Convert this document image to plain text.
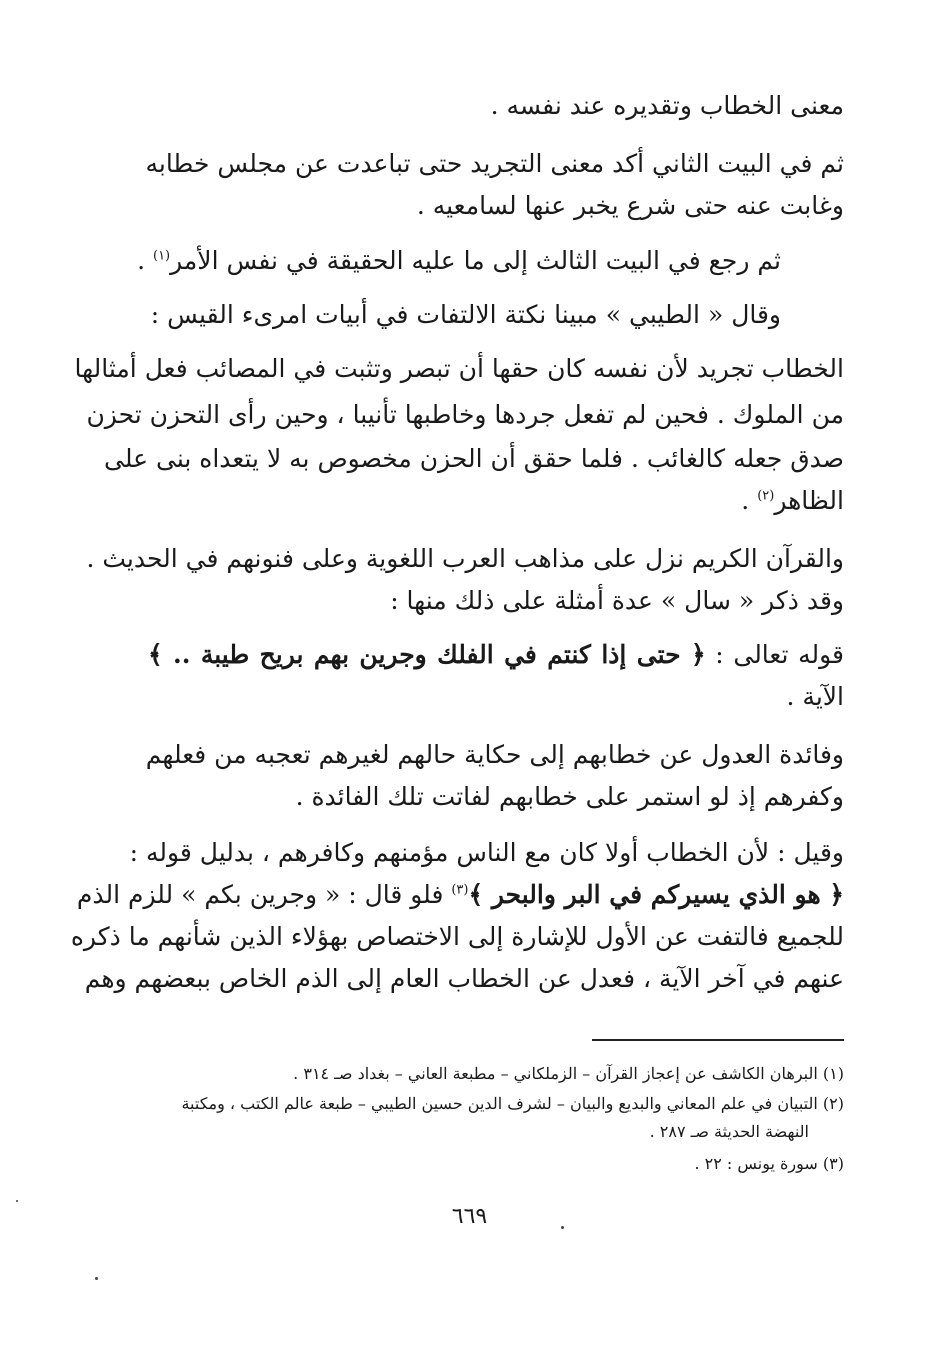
معنى الخطاب وتقديره عند نفسه .
ثم في البيت الثاني أكد معنى التجريد حتى تباعدت عن مجلس خطابه
وغابت عنه حتى شرع يخبر عنها لسامعيه .
ثم رجع في البيت الثالث إلى ما عليه الحقيقة في نفس الأمر$^{(١)}$ .
وقال « الطيبي » مبينا نكتة الالتفات في أبيات امرىء القيس :
الخطاب تجريد لأن نفسه كان حقها أن تبصر وتثبت في المصائب فعل أمثالها
من الملوك . فحين لم تفعل جردها وخاطبها تأنيبا ، وحين رأى التحزن تحزن
صدق جعله كالغائب . فلما حقق أن الحزن مخصوص به لا يتعداه بنى على
الظاهر$^{(٢)}$ .
والقرآن الكريم نزل على مذاهب العرب اللغوية وعلى فنونهم في الحديث .
وقد ذكر « سال » عدة أمثلة على ذلك منها :
قوله تعالى : ﴿ حتى إذا كنتم في الفلك وجرين بهم بريح طيبة .. ﴾
الآية .
وفائدة العدول عن خطابهم إلى حكاية حالهم لغيرهم تعجبه من فعلهم
وكفرهم إذ لو استمر على خطابهم لفاتت تلك الفائدة .
وقيل : لأن الخطاب أولا كان مع الناس مؤمنهم وكافرهم ، بدليل قوله :
﴿ هو الذي يسيركم في البر والبحر ﴾$^{(٣)}$ فلو قال : « وجرين بكم » للزم الذم
للجميع فالتفت عن الأول للإشارة إلى الاختصاص بهؤلاء الذين شأنهم ما ذكره
عنهم في آخر الآية ، فعدل عن الخطاب العام إلى الذم الخاص ببعضهم وهم
(١) البرهان الكاشف عن إعجاز القرآن – الزملكاني – مطبعة العاني – بغداد صـ ٣١٤ .
(٢) التبيان في علم المعاني والبديع والبيان – لشرف الدين حسين الطيبي – طبعة عالم الكتب ، ومكتبة
النهضة الحديثة صـ ٢٨٧ .
(٣) سورة يونس : ٢٢ .
٦٦٩
